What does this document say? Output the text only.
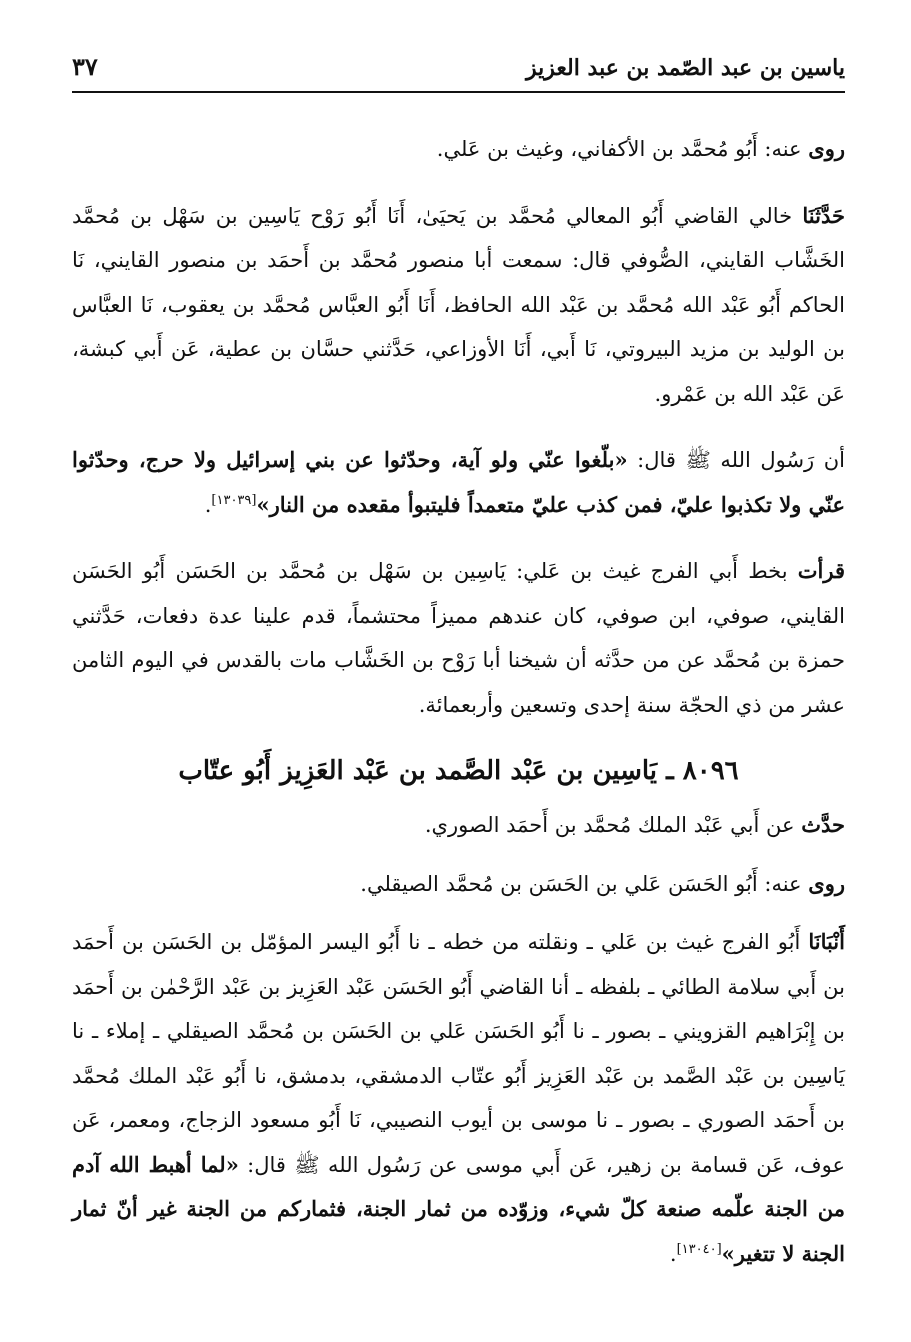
ياسين بن عبد الصّمد بن عبد العزيز
٣٧

روى عنه: أَبُو مُحمَّد بن الأكفاني، وغيث بن عَلي.

حَدَّثَنَا خالي القاضي أَبُو المعالي مُحمَّد بن يَحيَىٰ، أَنَا أَبُو رَوْح يَاسِين بن سَهْل بن مُحمَّد الخَشَّاب القايني، الصُّوفي قال: سمعت أبا منصور مُحمَّد بن أَحمَد بن منصور القايني، نَا الحاكم أَبُو عَبْد الله مُحمَّد بن عَبْد الله الحافظ، أَنَا أَبُو العبَّاس مُحمَّد بن يعقوب، نَا العبَّاس بن الوليد بن مزيد البيروتي، نَا أَبي، أَنَا الأوزاعي، حَدَّثني حسَّان بن عطية، عَن أَبي كبشة، عَن عَبْد الله بن عَمْرو.

أن رَسُول الله ﷺ قال: «بلّغوا عنّي ولو آية، وحدّثوا عن بني إسرائيل ولا حرج، وحدّثوا عنّي ولا تكذبوا عليّ، فمن كذب عليّ متعمداً فليتبوأ مقعده من النار»[١٣٠٣٩].

قرأت بخط أَبي الفرج غيث بن عَلي: يَاسِين بن سَهْل بن مُحمَّد بن الحَسَن أَبُو الحَسَن القايني، صوفي، ابن صوفي، كان عندهم مميزاً محتشماً، قدم علينا عدة دفعات، حَدَّثني حمزة بن مُحمَّد عن من حدَّثه أن شيخنا أبا رَوْح بن الخَشَّاب مات بالقدس في اليوم الثامن عشر من ذي الحجّة سنة إحدى وتسعين وأربعمائة.

٨٠٩٦ ـ يَاسِين بن عَبْد الصَّمد بن عَبْد العَزِيز أَبُو عتّاب

حدَّث عن أَبي عَبْد الملك مُحمَّد بن أَحمَد الصوري.

روى عنه: أَبُو الحَسَن عَلي بن الحَسَن بن مُحمَّد الصيقلي.

أَنْبَانَا أَبُو الفرج غيث بن عَلي ـ ونقلته من خطه ـ نا أَبُو اليسر المؤمّل بن الحَسَن بن أَحمَد بن أَبي سلامة الطائي ـ بلفظه ـ أنا القاضي أَبُو الحَسَن عَبْد العَزِيز بن عَبْد الرَّحْمٰن بن أَحمَد بن إِبْرَاهيم القزويني ـ بصور ـ نا أَبُو الحَسَن عَلي بن الحَسَن بن مُحمَّد الصيقلي ـ إملاء ـ نا يَاسِين بن عَبْد الصَّمد بن عَبْد العَزِيز أَبُو عتّاب الدمشقي، بدمشق، نا أَبُو عَبْد الملك مُحمَّد بن أَحمَد الصوري ـ بصور ـ نا موسى بن أيوب النصيبي، نَا أَبُو مسعود الزجاج، ومعمر، عَن عوف، عَن قسامة بن زهير، عَن أَبي موسى عن رَسُول الله ﷺ قال: «لما أهبط الله آدم من الجنة علّمه صنعة كلّ شيء، وزوّده من ثمار الجنة، فثماركم من الجنة غير أنّ ثمار الجنة لا تتغير»[١٣٠٤٠].
